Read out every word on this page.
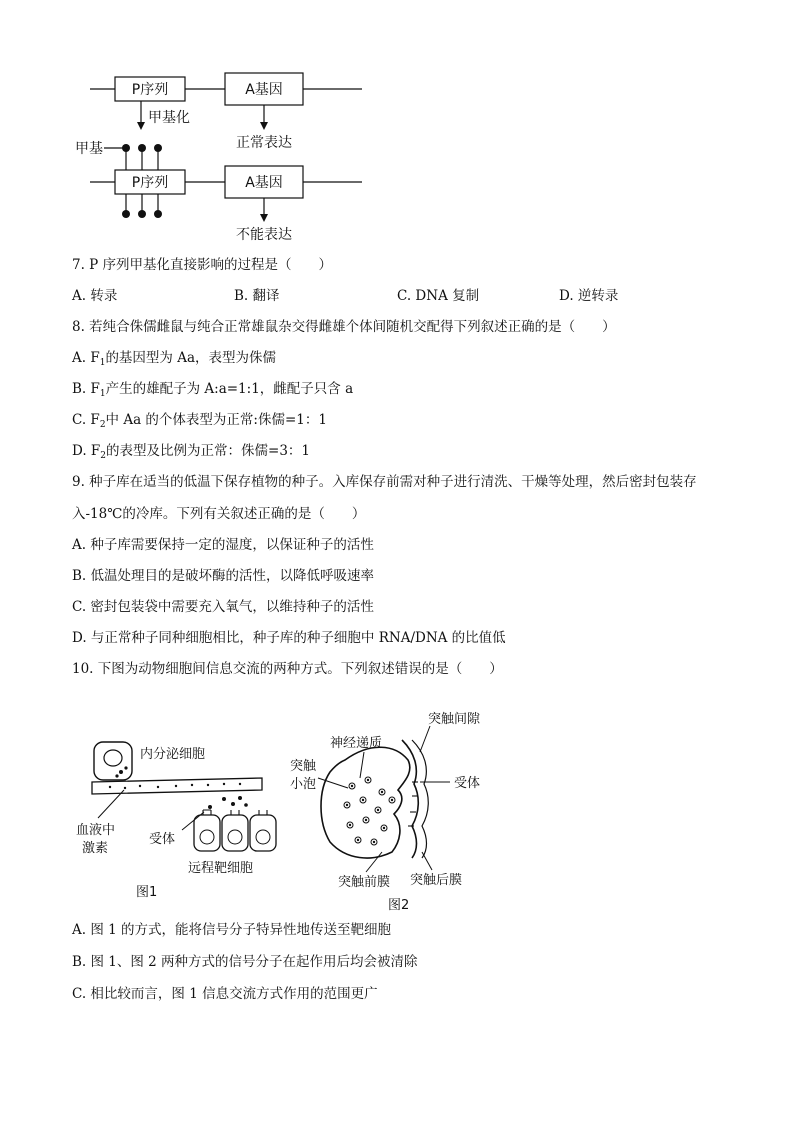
P序列	A基因
甲基化
正常表达
甲基
P序列	A基因
不能表达
7. P 序列甲基化直接影响的过程是（　　）
A. 转录	B. 翻译	C. DNA 复制	D. 逆转录
8. 若纯合侏儒雌鼠与纯合正常雄鼠杂交得雌雄个体间随机交配得下列叙述正确的是（　　）
A. $F_1$的基因型为 Aa，表型为侏儒
B. $F_1$产生的雄配子为 A:a=1:1，雌配子只含 a
C. $F_2$中 Aa 的个体表型为正常:侏儒=1：1
D. $F_2$的表型及比例为正常：侏儒=3：1
9. 种子库在适当的低温下保存植物的种子。入库保存前需对种子进行清洗、干燥等处理，然后密封包装存
入-18℃的冷库。下列有关叙述正确的是（　　）
A. 种子库需要保持一定的湿度，以保证种子的活性
B. 低温处理目的是破坏酶的活性，以降低呼吸速率
C. 密封包装袋中需要充入氧气，以维持种子的活性
D. 与正常种子同种细胞相比，种子库的种子细胞中 RNA/DNA 的比值低
10. 下图为动物细胞间信息交流的两种方式。下列叙述错误的是（　　）
内分泌细胞
血液中
激素
受体
远程靶细胞
图1
突触间隙
神经递质
突触
小泡	受体
突触前膜 突触后膜
图2
A. 图 1 的方式，能将信号分子特异性地传送至靶细胞
B. 图 1、图 2 两种方式的信号分子在起作用后均会被清除
C. 相比较而言，图 1 信息交流方式作用的范围更广
